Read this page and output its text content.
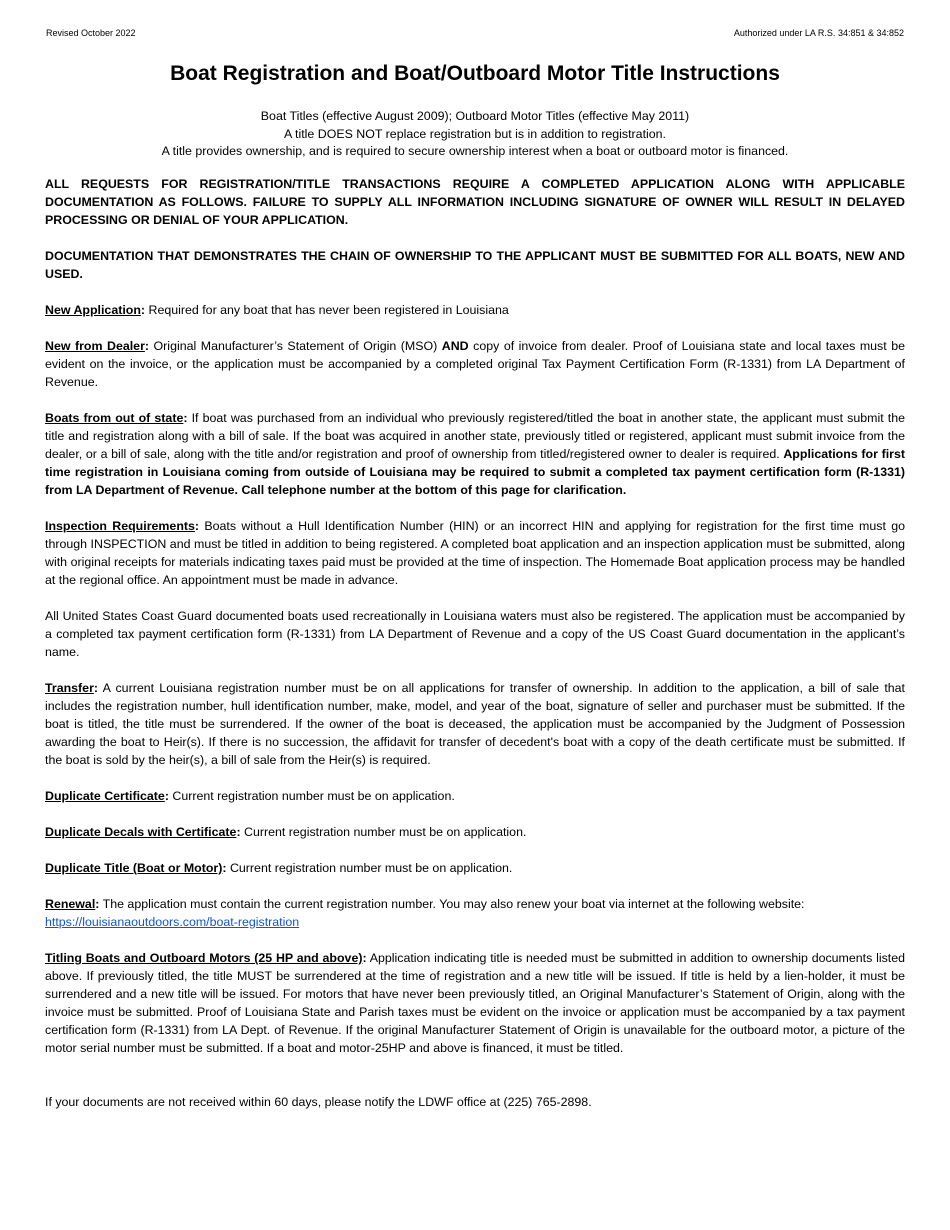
Revised October 2022	Authorized under LA R.S. 34:851 & 34:852
Boat Registration and Boat/Outboard Motor Title Instructions
Boat Titles (effective August 2009); Outboard Motor Titles (effective May 2011)
A title DOES NOT replace registration but is in addition to registration.
A title provides ownership, and is required to secure ownership interest when a boat or outboard motor is financed.

ALL REQUESTS FOR REGISTRATION/TITLE TRANSACTIONS REQUIRE A COMPLETED APPLICATION ALONG WITH APPLICABLE DOCUMENTATION AS FOLLOWS. FAILURE TO SUPPLY ALL INFORMATION INCLUDING SIGNATURE OF OWNER WILL RESULT IN DELAYED PROCESSING OR DENIAL OF YOUR APPLICATION.

DOCUMENTATION THAT DEMONSTRATES THE CHAIN OF OWNERSHIP TO THE APPLICANT MUST BE SUBMITTED FOR ALL BOATS, NEW AND USED.

New Application: Required for any boat that has never been registered in Louisiana

New from Dealer: Original Manufacturer’s Statement of Origin (MSO) AND copy of invoice from dealer. Proof of Louisiana state and local taxes must be evident on the invoice, or the application must be accompanied by a completed original Tax Payment Certification Form (R-1331) from LA Department of Revenue.

Boats from out of state: If boat was purchased from an individual who previously registered/titled the boat in another state, the applicant must submit the title and registration along with a bill of sale. If the boat was acquired in another state, previously titled or registered, applicant must submit invoice from the dealer, or a bill of sale, along with the title and/or registration and proof of ownership from titled/registered owner to dealer is required. Applications for first time registration in Louisiana coming from outside of Louisiana may be required to submit a completed tax payment certification form (R-1331) from LA Department of Revenue. Call telephone number at the bottom of this page for clarification.

Inspection Requirements: Boats without a Hull Identification Number (HIN) or an incorrect HIN and applying for registration for the first time must go through INSPECTION and must be titled in addition to being registered. A completed boat application and an inspection application must be submitted, along with original receipts for materials indicating taxes paid must be provided at the time of inspection. The Homemade Boat application process may be handled at the regional office. An appointment must be made in advance.

All United States Coast Guard documented boats used recreationally in Louisiana waters must also be registered. The application must be accompanied by a completed tax payment certification form (R-1331) from LA Department of Revenue and a copy of the US Coast Guard documentation in the applicant’s name.

Transfer: A current Louisiana registration number must be on all applications for transfer of ownership. In addition to the application, a bill of sale that includes the registration number, hull identification number, make, model, and year of the boat, signature of seller and purchaser must be submitted. If the boat is titled, the title must be surrendered. If the owner of the boat is deceased, the application must be accompanied by the Judgment of Possession awarding the boat to Heir(s). If there is no succession, the affidavit for transfer of decedent's boat with a copy of the death certificate must be submitted. If the boat is sold by the heir(s), a bill of sale from the Heir(s) is required.

Duplicate Certificate: Current registration number must be on application.

Duplicate Decals with Certificate: Current registration number must be on application.

Duplicate Title (Boat or Motor): Current registration number must be on application.

Renewal: The application must contain the current registration number. You may also renew your boat via internet at the following website:
https://louisianaoutdoors.com/boat-registration

Titling Boats and Outboard Motors (25 HP and above): Application indicating title is needed must be submitted in addition to ownership documents listed above. If previously titled, the title MUST be surrendered at the time of registration and a new title will be issued. If title is held by a lien-holder, it must be surrendered and a new title will be issued. For motors that have never been previously titled, an Original Manufacturer’s Statement of Origin, along with the invoice must be submitted. Proof of Louisiana State and Parish taxes must be evident on the invoice or application must be accompanied by a tax payment certification form (R-1331) from LA Dept. of Revenue. If the original Manufacturer Statement of Origin is unavailable for the outboard motor, a picture of the motor serial number must be submitted. If a boat and motor-25HP and above is financed, it must be titled.

If your documents are not received within 60 days, please notify the LDWF office at (225) 765-2898.
